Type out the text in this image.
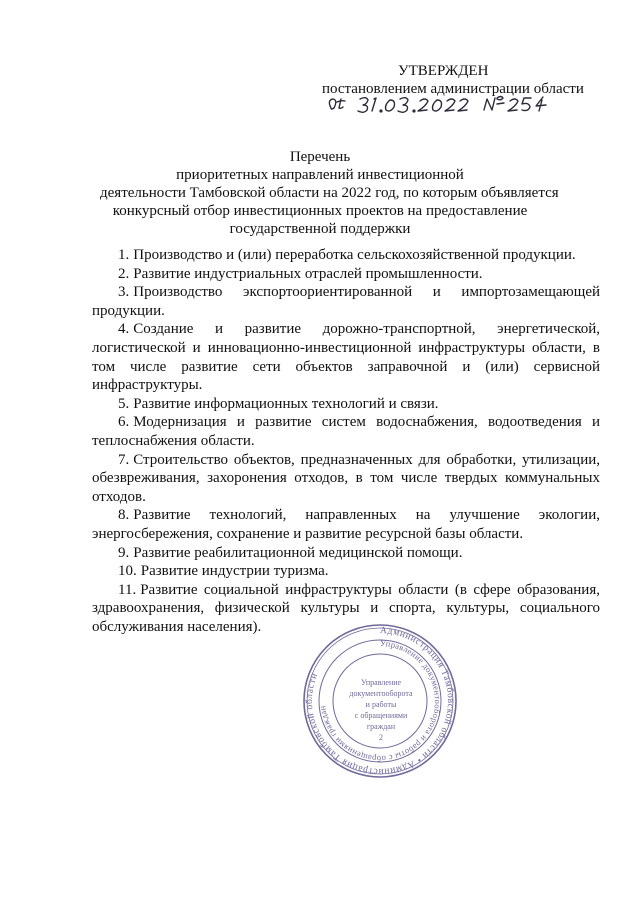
УТВЕРЖДЕН
постановлением администрации области
Перечень
приоритетных направлений инвестиционной
деятельности Тамбовской области на 2022 год, по которым объявляется
конкурсный отбор инвестиционных проектов на предоставление
государственной поддержки

1. Производство и (или) переработка сельскохозяйственной продукции.

2. Развитие индустриальных отраслей промышленности.

3. Производство экспортоориентированной и импортозамещающей продукции.

4. Создание и развитие дорожно-транспортной, энергетической, логистической и инновационно-инвестиционной инфраструктуры области, в том числе развитие сети объектов заправочной и (или) сервисной инфраструктуры.

5. Развитие информационных технологий и связи.

6. Модернизация и развитие систем водоснабжения, водоотведения и теплоснабжения области.

7. Строительство объектов, предназначенных для обработки, утилизации, обезвреживания, захоронения отходов, в том числе твердых коммунальных отходов.

8. Развитие технологий, направленных на улучшение экологии, энергосбережения, сохранение и развитие ресурсной базы области.

9. Развитие реабилитационной медицинской помощи.

10. Развитие индустрии туризма.

11. Развитие социальной инфраструктуры области (в сфере образования, здравоохранения, физической культуры и спорта, культуры, социального обслуживания населения).	Администрация Тамбовской области • Администрация Тамбовской области
Управление документооборота и работы с обращениями граждан
Управление
документооборота
и работы
с обращениями
граждан
2
